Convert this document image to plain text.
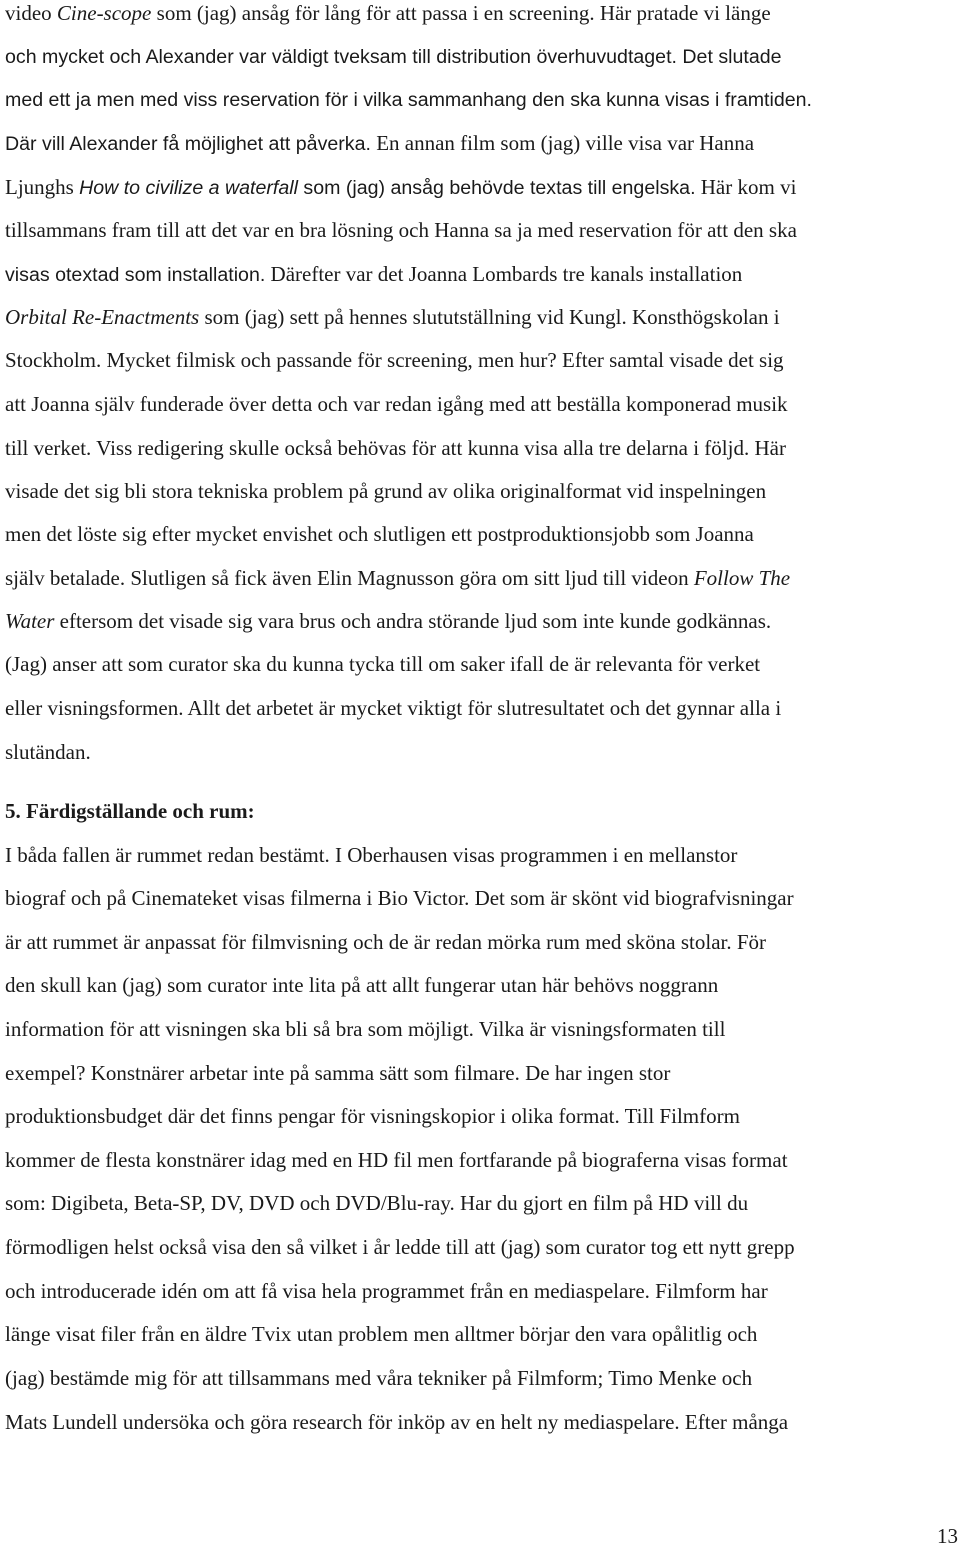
video Cine-scope som (jag) ansåg för lång för att passa i en screening. Här pratade vi länge
och mycket och Alexander var väldigt tveksam till distribution överhuvudtaget. Det slutade
med ett ja men med viss reservation för i vilka sammanhang den ska kunna visas i framtiden.
Där vill Alexander få möjlighet att påverka. En annan film som (jag) ville visa var Hanna
Ljunghs How to civilize a waterfall som (jag) ansåg behövde textas till engelska. Här kom vi
tillsammans fram till att det var en bra lösning och Hanna sa ja med reservation för att den ska
visas otextad som installation. Därefter var det Joanna Lombards tre kanals installation
Orbital Re-Enactments som (jag) sett på hennes slututställning vid Kungl. Konsthögskolan i
Stockholm. Mycket filmisk och passande för screening, men hur? Efter samtal visade det sig
att Joanna själv funderade över detta och var redan igång med att beställa komponerad musik
till verket. Viss redigering skulle också behövas för att kunna visa alla tre delarna i följd. Här
visade det sig bli stora tekniska problem på grund av olika originalformat vid inspelningen
men det löste sig efter mycket envishet och slutligen ett postproduktionsjobb som Joanna
själv betalade. Slutligen så fick även Elin Magnusson göra om sitt ljud till videon Follow The
Water eftersom det visade sig vara brus och andra störande ljud som inte kunde godkännas.
(Jag) anser att som curator ska du kunna tycka till om saker ifall de är relevanta för verket
eller visningsformen. Allt det arbetet är mycket viktigt för slutresultatet och det gynnar alla i
slutändan.
5. Färdigställande och rum:
I båda fallen är rummet redan bestämt. I Oberhausen visas programmen i en mellanstor
biograf och på Cinemateket visas filmerna i Bio Victor. Det som är skönt vid biografvisningar
är att rummet är anpassat för filmvisning och de är redan mörka rum med sköna stolar. För
den skull kan (jag) som curator inte lita på att allt fungerar utan här behövs noggrann
information för att visningen ska bli så bra som möjligt. Vilka är visningsformaten till
exempel? Konstnärer arbetar inte på samma sätt som filmare. De har ingen stor
produktionsbudget där det finns pengar för visningskopior i olika format. Till Filmform
kommer de flesta konstnärer idag med en HD fil men fortfarande på biograferna visas format
som: Digibeta, Beta-SP, DV, DVD och DVD/Blu-ray. Har du gjort en film på HD vill du
förmodligen helst också visa den så vilket i år ledde till att (jag) som curator tog ett nytt grepp
och introducerade idén om att få visa hela programmet från en mediaspelare. Filmform har
länge visat filer från en äldre Tvix utan problem men alltmer börjar den vara opålitlig och
(jag) bestämde mig för att tillsammans med våra tekniker på Filmform; Timo Menke och
Mats Lundell undersöka och göra research för inköp av en helt ny mediaspelare. Efter många
13
